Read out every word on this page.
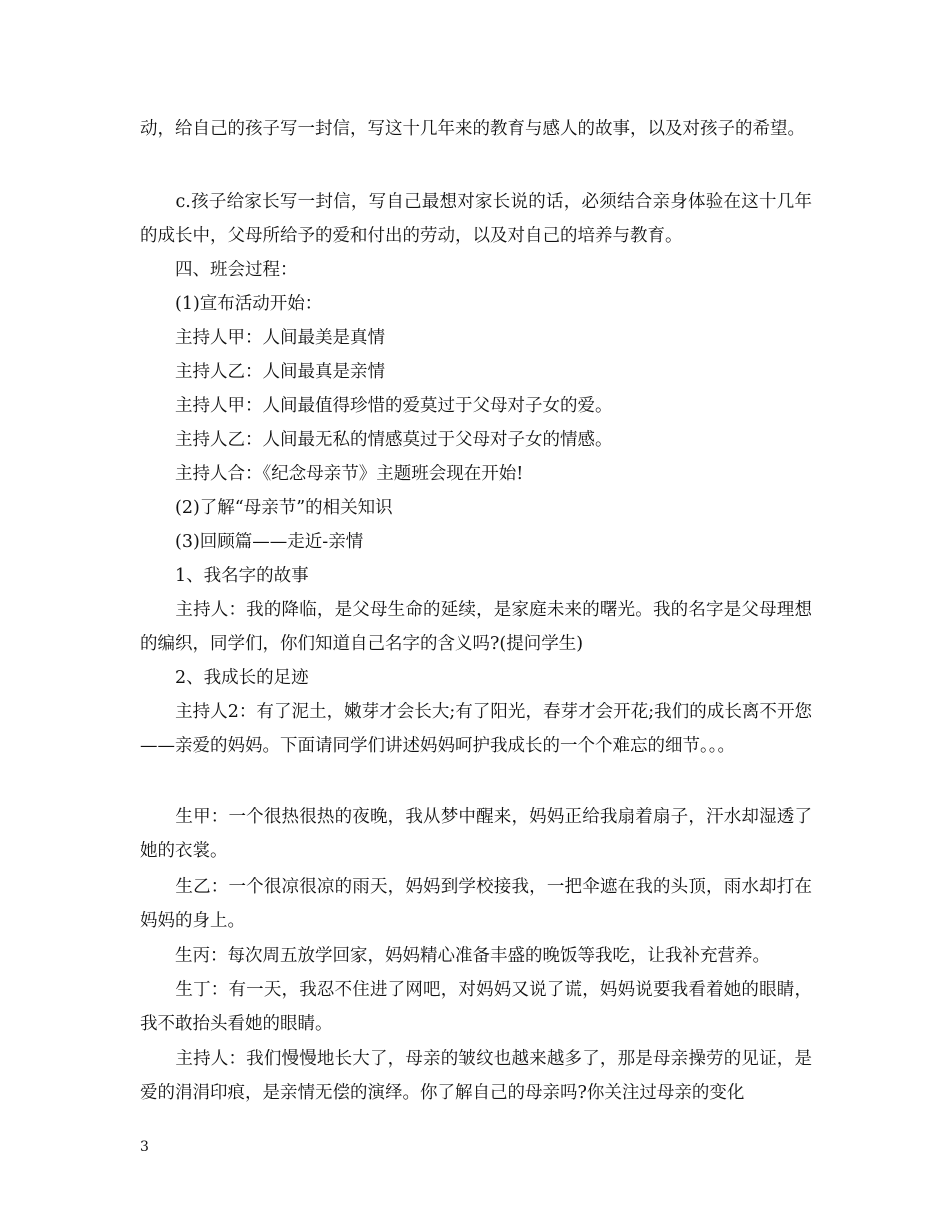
动，给自己的孩子写一封信，写这十几年来的教育与感人的故事，以及对孩子的希望。

　　c.孩子给家长写一封信，写自己最想对家长说的话，必须结合亲身体验在这十几年的成长中，父母所给予的爱和付出的劳动，以及对自己的培养与教育。

　　四、班会过程：

　　(1)宣布活动开始：

　　主持人甲：人间最美是真情

　　主持人乙：人间最真是亲情

　　主持人甲：人间最值得珍惜的爱莫过于父母对子女的爱。

　　主持人乙：人间最无私的情感莫过于父母对子女的情感。

　　主持人合：《纪念母亲节》主题班会现在开始!

　　(2)了解“母亲节”的相关知识

　　(3)回顾篇——走近-亲情

　　1、我名字的故事

　　主持人：我的降临，是父母生命的延续，是家庭未来的曙光。我的名字是父母理想的编织，同学们，你们知道自己名字的含义吗?(提问学生)

　　2、我成长的足迹

　　主持人2：有了泥土，嫩芽才会长大;有了阳光，春芽才会开花;我们的成长离不开您——亲爱的妈妈。下面请同学们讲述妈妈呵护我成长的一个个难忘的细节。。。

　　生甲：一个很热很热的夜晚，我从梦中醒来，妈妈正给我扇着扇子，汗水却湿透了她的衣裳。

　　生乙：一个很凉很凉的雨天，妈妈到学校接我，一把伞遮在我的头顶，雨水却打在妈妈的身上。

　　生丙：每次周五放学回家，妈妈精心准备丰盛的晚饭等我吃，让我补充营养。

　　生丁：有一天，我忍不住进了网吧，对妈妈又说了谎，妈妈说要我看着她的眼睛，我不敢抬头看她的眼睛。

　　主持人：我们慢慢地长大了，母亲的皱纹也越来越多了，那是母亲操劳的见证，是爱的涓涓印痕，是亲情无偿的演绎。你了解自己的母亲吗?你关注过母亲的变化

3
